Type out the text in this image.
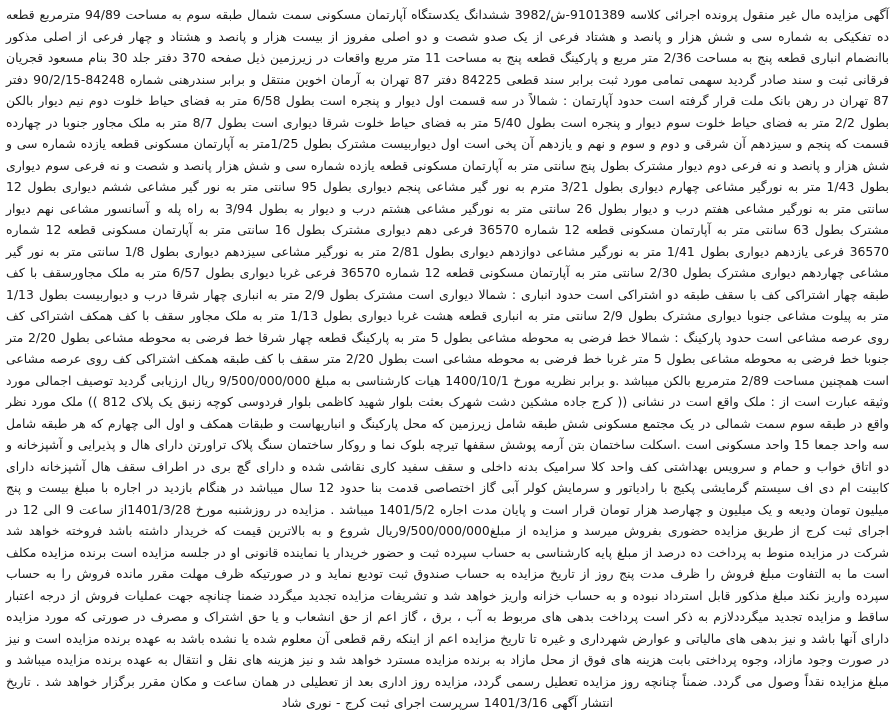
آگهی مزایده مال غیر منقول پرونده اجرائی کلاسه 9101389-ش/3982 ششدانگ یکدستگاه آپارتمان مسکونی سمت شمال طبقه سوم به مساحت 94/89 مترمربع قطعه ده تفکیکی به شماره سی و شش هزار و پانصد و هشتاد فرعی از یک صدو شصت و دو اصلی مفروز از بیست هزار و پانصد و هشتاد و چهار فرعی از اصلی مذکور باانضمام انباری قطعه پنج به مساحت 2/36 متر مربع و پارکینگ قطعه پنج به مساحت 11 متر مربع واقعات در زیرزمین ذیل صفحه 370 دفتر جلد 30 بنام مسعود قجریان فرقانی ثبت و سند صادر گردید سهمی تمامی مورد ثبت برابر سند قطعی 84225 دفتر 87 تهران به آرمان اخوین منتقل و برابر سندرهنی شماره 84248-90/2/15 دفتر 87 تهران در رهن بانک ملت قرار گرفته است حدود آپارتمان : شمالاً در سه قسمت اول دیوار و پنجره است بطول 6/58 متر به فضای حیاط خلوت دوم نیم دیوار بالکن بطول 2/2 متر به فضای حیاط خلوت سوم دیوار و پنجره است بطول 5/40 متر به فضای حیاط خلوت شرقا دیواری است بطول 8/7 متر به ملک مجاور جنوبا در چهارده قسمت که پنجم و سیزدهم آن شرقی و دوم و سوم و نهم و یازدهم آن پخی است اول دیواربیست مشترک بطول 1/25متر به آپارتمان مسکونی قطعه یازده شماره سی و شش هزار و پانصد و نه فرعی دوم دیوار مشترک بطول پنج سانتی متر به آپارتمان مسکونی قطعه یازده شماره سی و شش هزار پانصد و شصت و نه فرعی سوم دیواری بطول 1/43 متر به نورگیر مشاعی چهارم دیواری بطول 3/21 مترم به نور گیر مشاعی پنجم دیواری بطول 95 سانتی متر به نور گیر مشاعی ششم دیواری بطول 12 سانتی متر به نورگیر مشاعی هفتم درب و دیوار بطول 26 سانتی متر به نورگیر مشاعی هشتم درب و دیوار به بطول 3/94 به راه پله و آسانسور مشاعی نهم دیوار مشترک بطول 63 سانتی متر به آپارتمان مسکونی قطعه 12 شماره 36570 فرعی دهم دیواری مشترک بطول 16 سانتی متر به آپارتمان مسکونی قطعه 12 شماره 36570 فرعی یازدهم دیواری بطول 1/41 متر به نورگیر مشاعی دوازدهم دیواری بطول 2/81 متر به نورگیر مشاعی سیزدهم دیواری بطول 1/8 سانتی متر به نور گیر مشاعی چهاردهم دیواری مشترک بطول 2/30 سانتی متر به آپارتمان مسکونی قطعه 12 شماره 36570 فرعی غربا دیواری بطول 6/57 متر به ملک مجاورسقف با کف طبقه چهار اشتراکی کف با سقف طبقه دو اشتراکی است حدود انباری : شمالا دیواری است مشترک بطول 2/9 متر به انباری چهار شرقا درب و دیواربیست بطول 1/13 متر به پیلوت مشاعی جنوبا دیواری مشترک بطول 2/9 سانتی متر به انباری قطعه هشت غربا دیواری بطول 1/13 متر به ملک مجاور سقف با کف همکف اشتراکی کف روی عرصه مشاعی است حدود پارکینگ : شمالا خط فرضی به محوطه مشاعی بطول 5 متر به پارکینگ قطعه چهار شرقا خط فرضی به محوطه مشاعی بطول 2/20 متر جنوبا خط فرضی به محوطه مشاعی بطول 5 متر غربا خط فرضی به محوطه مشاعی است بطول 2/20 متر سقف با کف طبقه همکف اشتراکی کف روی عرصه مشاعی است همچنین مساحت 2/89 مترمربع بالکن میباشد .و برابر نظریه مورخ 1400/10/1 هیات کارشناسی به مبلغ 9/500/000/000 ریال ارزیابی گردید توصیف اجمالی مورد وثیقه عبارت است از : ملک واقع است در نشانی (( کرج جاده مشکین دشت شهرک بعثت بلوار شهید کاظمی بلوار فردوسی کوچه زنبق یک پلاک 812 )) ملک مورد نظر واقع در طبقه سوم سمت شمالی در یک مجتمع مسکونی شش طبقه شامل زیرزمین که محل پارکینگ و انباریهاست و طبقات همکف و اول الی چهارم که هر طبقه شامل سه واحد جمعا 15 واحد مسکونی است .اسکلت ساختمان بتن آرمه پوشش سقفها تیرچه بلوک نما و روکار ساختمان سنگ پلاک تراورتن دارای هال و پذیرایی و آشپزخانه و دو اتاق خواب و حمام و سرویس بهداشتی کف واحد کلا سرامیک بدنه داخلی و سقف سفید کاری نقاشی شده و دارای گچ بری در اطراف سقف هال آشپزخانه دارای کابینت ام دی اف سیستم گرمایشی پکیج با رادیاتور و سرمایش کولر آبی گاز اختصاصی قدمت بنا حدود 12 سال میباشد در هنگام بازدید در اجاره با مبلغ بیست و پنج میلیون تومان ودیعه و یک میلیون و چهارصد هزار تومان قرار است و پایان مدت اجاره 1401/5/2 میباشد . مزایده در روزشنبه مورخ 1401/3/28از ساعت 9 الی 12 در اجرای ثبت کرج از طریق مزایده حضوری بفروش میرسد و مزایده از مبلغ9/500/000/000ریال شروع و به بالاترین قیمت که خریدار داشته باشد فروخته خواهد شد شرکت در مزایده منوط به پرداخت ده درصد از مبلغ پایه کارشناسی به حساب سپرده ثبت و حضور خریدار یا نماینده قانونی او در جلسه مزایده است برنده مزایده مکلف است ما به التفاوت مبلغ فروش را ظرف مدت پنج روز از تاریخ مزایده به حساب صندوق ثبت تودیع نماید و در صورتیکه ظرف مهلت مقرر مانده فروش را به حساب سپرده واریز نکند مبلغ مذکور قابل استرداد نبوده و به حساب خزانه واریز خواهد شد و تشریفات مزایده تجدید میگردد ضمنا چنانچه جهت عملیات فروش از درجه اعتبار ساقط و مزایده تجدید میگرددلازم به ذکر است پرداخت بدهی های مربوط به آب ، برق ، گاز اعم از حق انشعاب و یا حق اشتراک و مصرف در صورتی که مورد مزایده دارای آنها باشد و نیز بدهی های مالیاتی و عوارض شهرداری و غیره تا تاریخ مزایده اعم از اینکه رقم قطعی آن معلوم شده یا نشده باشد به عهده برنده مزایده است و نیز در صورت وجود مازاد، وجوه پرداختی بابت هزینه های فوق از محل مازاد به برنده مزایده مسترد خواهد شد و نیز هزینه های نقل و انتقال به عهده برنده مزایده میباشد و مبلغ مزایده نقداً وصول می گردد. ضمناً چنانچه روز مزایده تعطیل رسمی گردد، مزایده روز اداری بعد از تعطیلی در همان ساعت و مکان مقرر برگزار خواهد شد . تاریخ انتشار آگهی 1401/3/16 سرپرست اجرای ثبت کرج - نوری شاد
